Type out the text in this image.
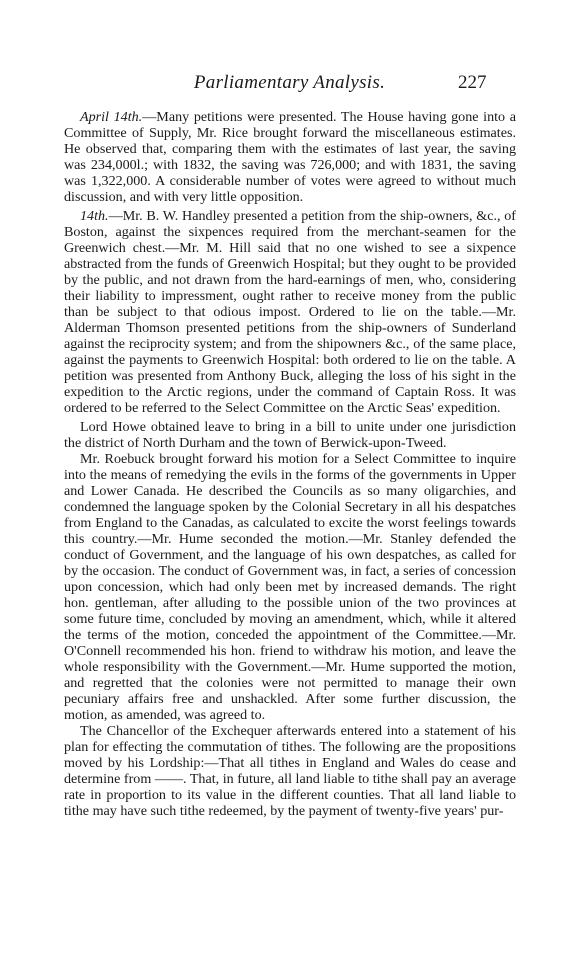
Parliamentary Analysis.	227

April 14th.—Many petitions were presented. The House having gone into a Committee of Supply, Mr. Rice brought forward the miscellaneous estimates. He observed that, comparing them with the estimates of last year, the saving was 234,000l.; with 1832, the saving was 726,000; and with 1831, the saving was 1,322,000. A considerable number of votes were agreed to without much discussion, and with very little opposition.

14th.—Mr. B. W. Handley presented a petition from the ship-owners, &c., of Boston, against the sixpences required from the merchant-seamen for the Greenwich chest.—Mr. M. Hill said that no one wished to see a sixpence abstracted from the funds of Greenwich Hospital; but they ought to be provided by the public, and not drawn from the hard-earnings of men, who, considering their liability to impressment, ought rather to receive money from the public than be subject to that odious impost. Ordered to lie on the table.—Mr. Alderman Thomson presented petitions from the ship-owners of Sunderland against the reciprocity system; and from the shipowners &c., of the same place, against the payments to Greenwich Hospital: both ordered to lie on the table. A petition was presented from Anthony Buck, alleging the loss of his sight in the expedition to the Arctic regions, under the command of Captain Ross. It was ordered to be referred to the Select Committee on the Arctic Seas' expedition.

Lord Howe obtained leave to bring in a bill to unite under one jurisdiction the district of North Durham and the town of Berwick-upon-Tweed.

Mr. Roebuck brought forward his motion for a Select Committee to inquire into the means of remedying the evils in the forms of the governments in Upper and Lower Canada. He described the Councils as so many oligarchies, and condemned the language spoken by the Colonial Secretary in all his despatches from England to the Canadas, as calculated to excite the worst feelings towards this country.—Mr. Hume seconded the motion.—Mr. Stanley defended the conduct of Government, and the language of his own despatches, as called for by the occasion. The conduct of Government was, in fact, a series of concession upon concession, which had only been met by increased demands. The right hon. gentleman, after alluding to the possible union of the two provinces at some future time, concluded by moving an amendment, which, while it altered the terms of the motion, conceded the appointment of the Committee.—Mr. O'Connell recommended his hon. friend to withdraw his motion, and leave the whole responsibility with the Government.—Mr. Hume supported the motion, and regretted that the colonies were not permitted to manage their own pecuniary affairs free and unshackled. After some further discussion, the motion, as amended, was agreed to.

The Chancellor of the Exchequer afterwards entered into a statement of his plan for effecting the commutation of tithes. The following are the propositions moved by his Lordship:—That all tithes in England and Wales do cease and determine from ——. That, in future, all land liable to tithe shall pay an average rate in proportion to its value in the different counties. That all land liable to tithe may have such tithe redeemed, by the payment of twenty-five years' pur-
